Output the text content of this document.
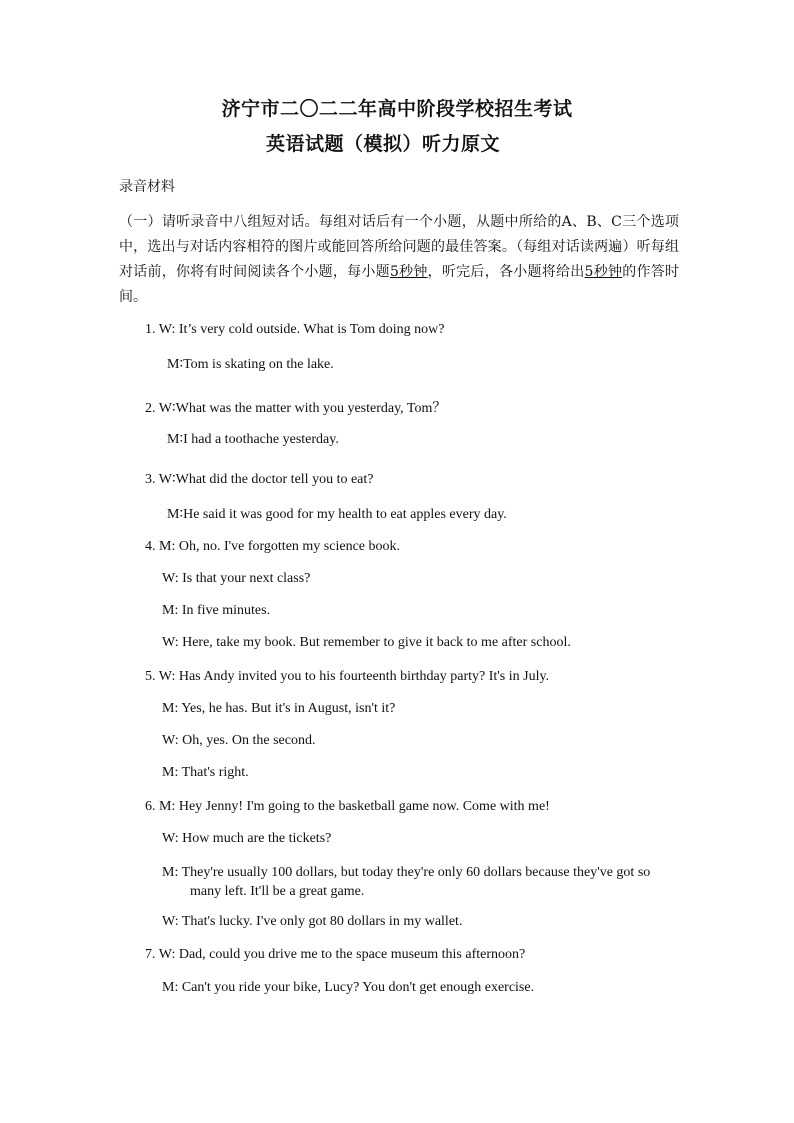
济宁市二〇二二年高中阶段学校招生考试
英语试题（模拟）听力原文
录音材料
（一）请听录音中八组短对话。每组对话后有一个小题，从题中所给的A、B、C三个选项中，选出与对话内容相符的图片或能回答所给问题的最佳答案。（每组对话读两遍）听每组对话前，你将有时间阅读各个小题，每小题5秒钟，听完后，各小题将给出5秒钟的作答时间。
1. W: It’s very cold outside. What is Tom doing now?
M∶Tom is skating on the lake.
2. W∶What was the matter with you yesterday, Tom？
M∶I had a toothache yesterday.
3. W∶What did the doctor tell you to eat?
M∶He said it was good for my health to eat apples every day.
4. M: Oh, no. I've forgotten my science book.
W: Is that your next class?
M: In five minutes.
W: Here, take my book. But remember to give it back to me after school.
5. W: Has Andy invited you to his fourteenth birthday party? It's in July.
M: Yes, he has. But it's in August, isn't it?
W: Oh, yes. On the second.
M: That's right.
6. M: Hey Jenny! I'm going to the basketball game now. Come with me!
W: How much are the tickets?
M: They're usually 100 dollars, but today they're only 60 dollars because they've got so
many left. It'll be a great game.
W: That's lucky. I've only got 80 dollars in my wallet.
7. W: Dad, could you drive me to the space museum this afternoon?
M: Can't you ride your bike, Lucy? You don't get enough exercise.
